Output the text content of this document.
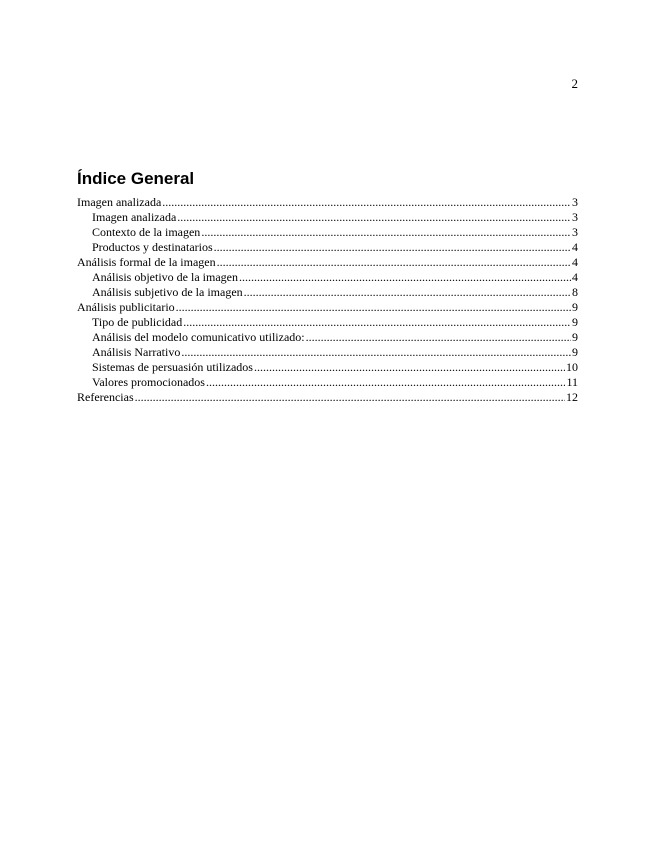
2
Índice General
Imagen analizada .....	3
Imagen analizada .....	3
Contexto de la imagen .....	3
Productos y destinatarios .....	4
Análisis formal de la imagen .....	4
Análisis objetivo de la imagen .....	4
Análisis subjetivo de la imagen .....	8
Análisis publicitario .....	9
Tipo de publicidad .....	9
Análisis del modelo comunicativo utilizado: .....	9
Análisis Narrativo .....	9
Sistemas de persuasión utilizados .....	10
Valores promocionados .....	11
Referencias .....	12
